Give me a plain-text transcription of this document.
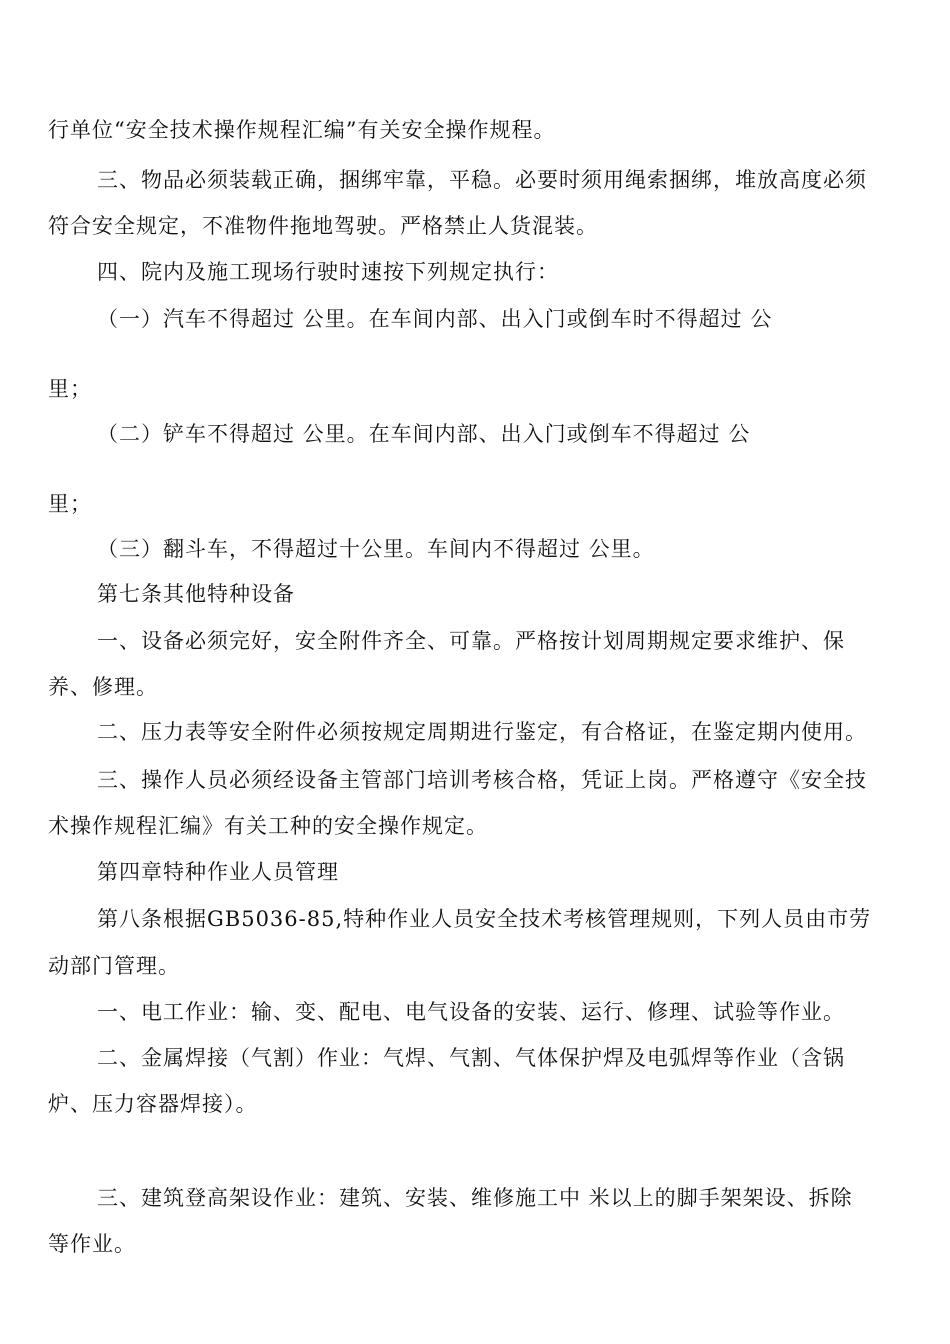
行单位“安全技术操作规程汇编”有关安全操作规程。
三、物品必须装载正确，捆绑牢靠，平稳。必要时须用绳索捆绑，堆放高度必须
符合安全规定，不准物件拖地驾驶。严格禁止人货混装。
四、院内及施工现场行驶时速按下列规定执行：
（一）汽车不得超过 公里。在车间内部、出入门或倒车时不得超过 公
里；
（二）铲车不得超过 公里。在车间内部、出入门或倒车不得超过 公
里；
（三）翻斗车，不得超过十公里。车间内不得超过 公里。
第七条其他特种设备
一、设备必须完好，安全附件齐全、可靠。严格按计划周期规定要求维护、保
养、修理。
二、压力表等安全附件必须按规定周期进行鉴定，有合格证，在鉴定期内使用。
三、操作人员必须经设备主管部门培训考核合格，凭证上岗。严格遵守《安全技
术操作规程汇编》有关工种的安全操作规定。
第四章特种作业人员管理
第八条根据GB5036-85,特种作业人员安全技术考核管理规则，下列人员由市劳
动部门管理。
一、电工作业：输、变、配电、电气设备的安装、运行、修理、试验等作业。
二、金属焊接（气割）作业：气焊、气割、气体保护焊及电弧焊等作业（含锅
炉、压力容器焊接）。
三、建筑登高架设作业：建筑、安装、维修施工中 米以上的脚手架架设、拆除
等作业。
